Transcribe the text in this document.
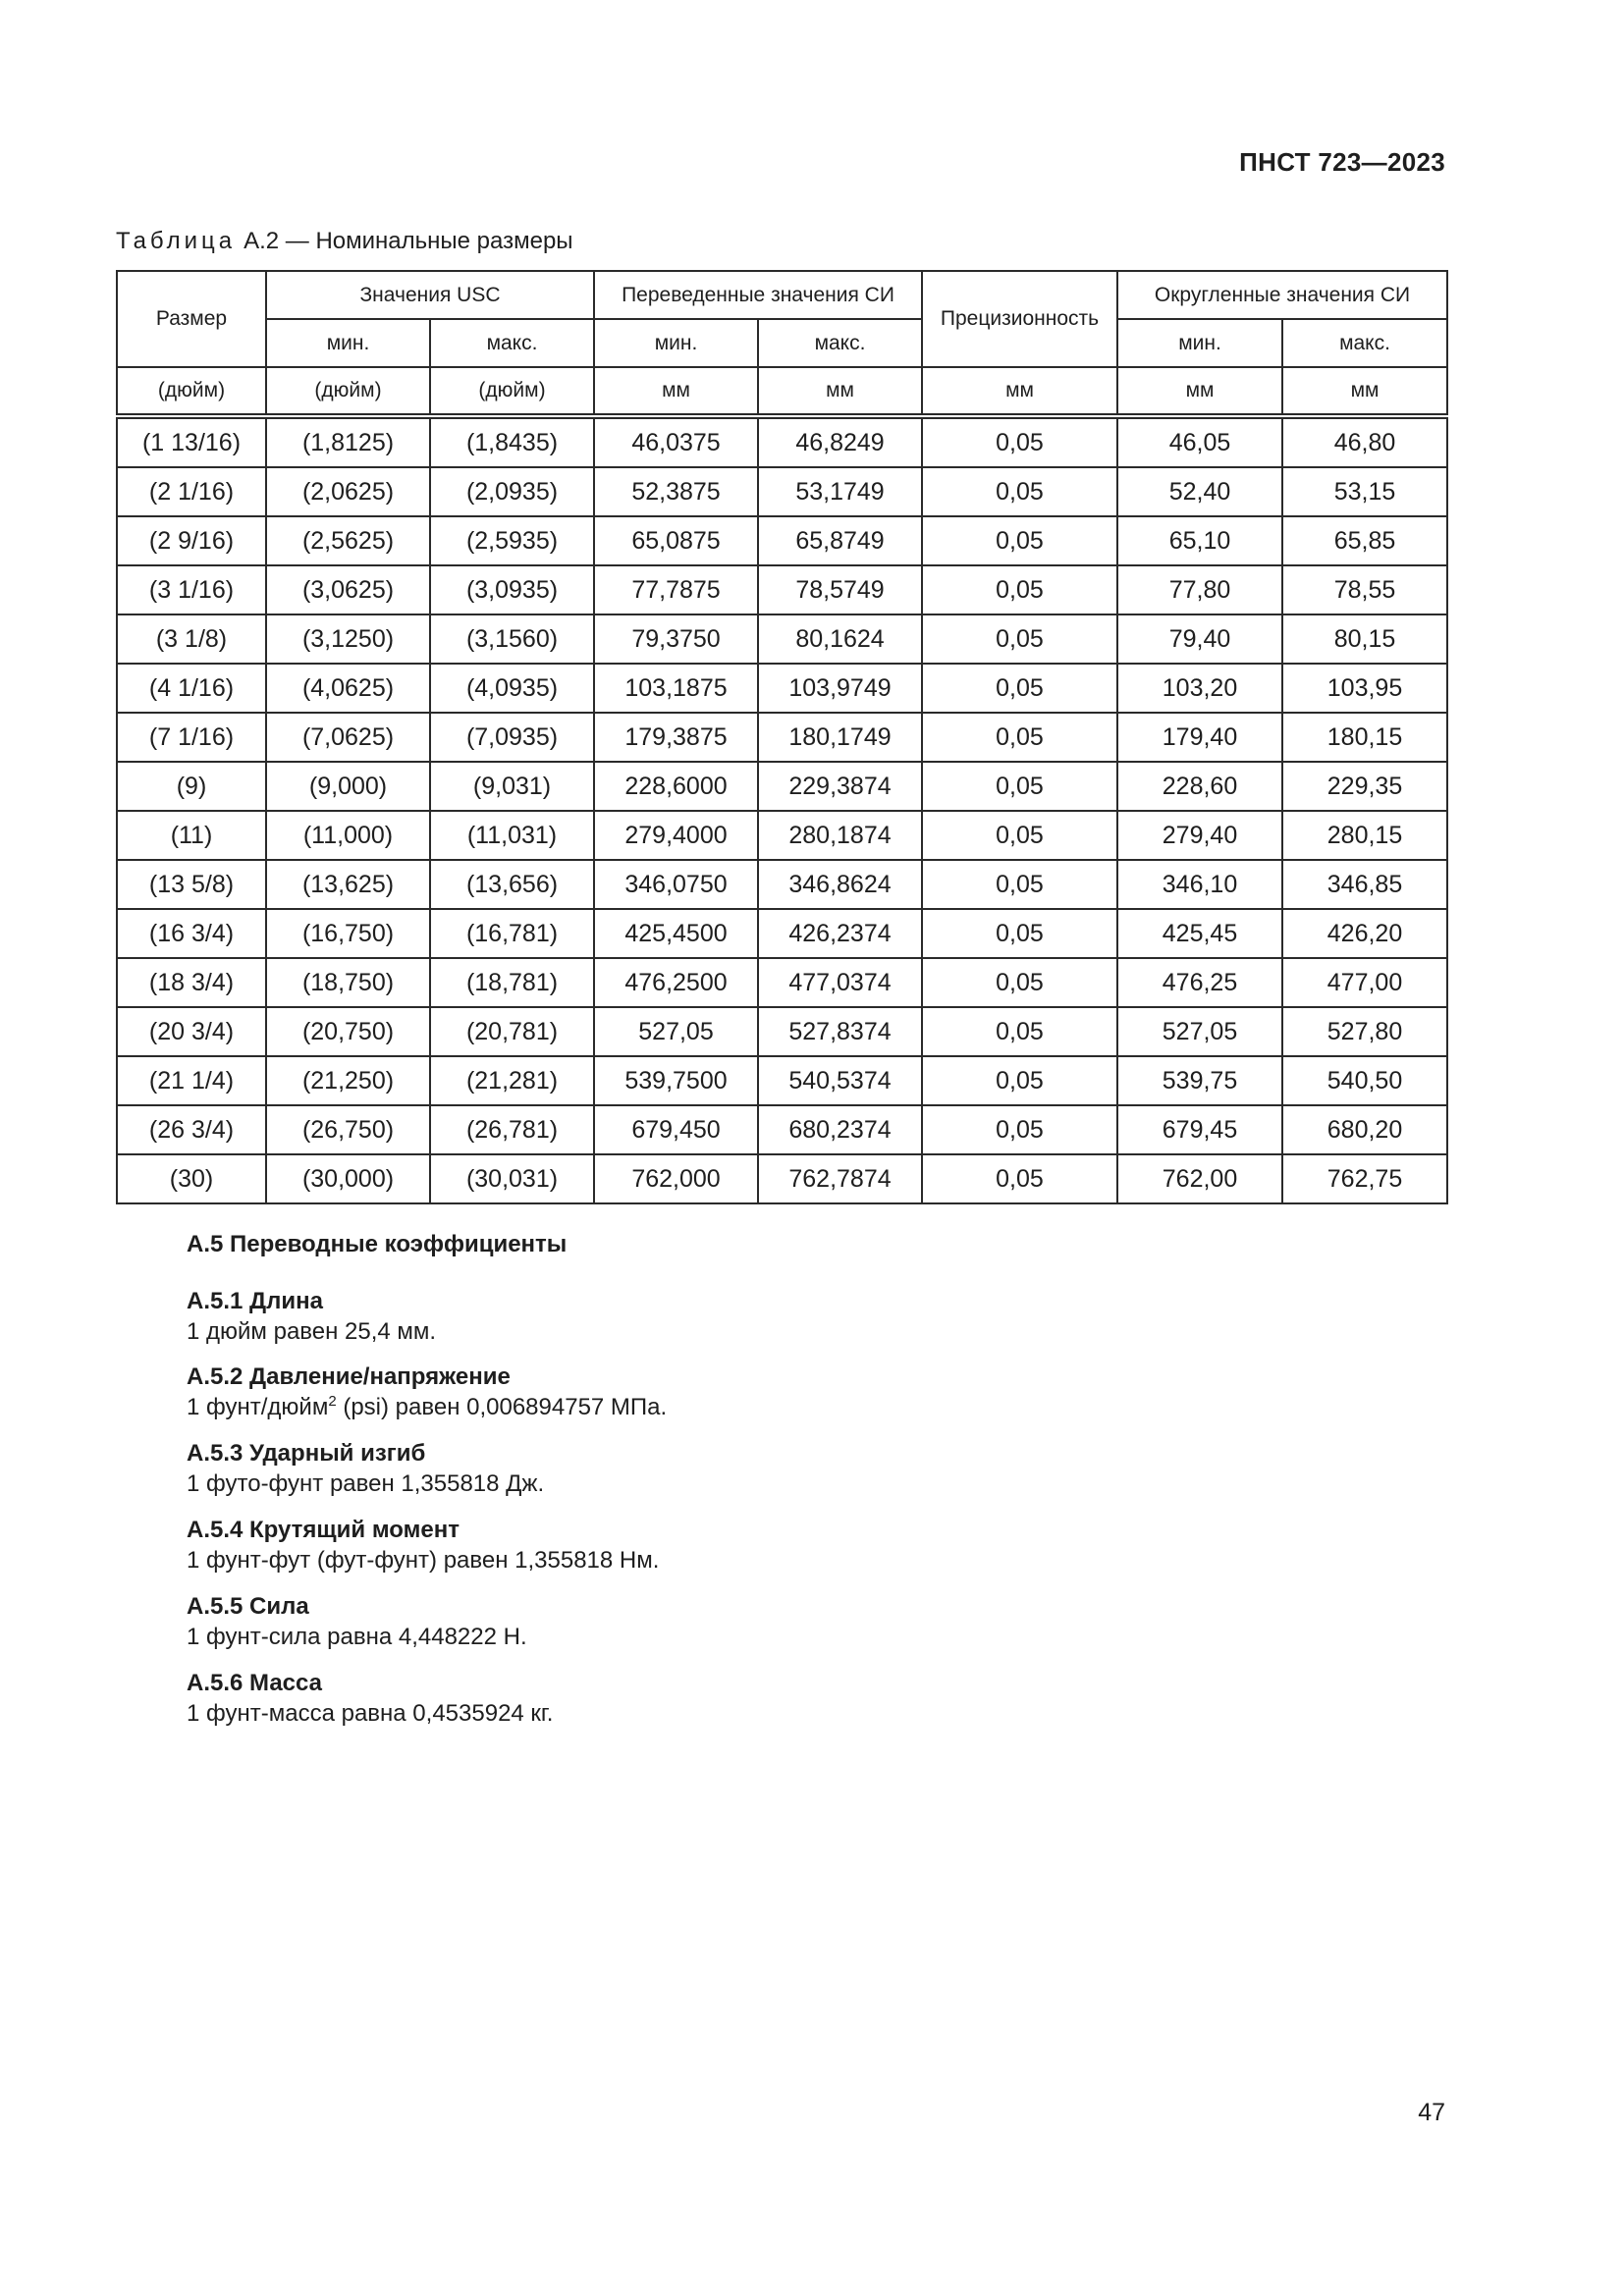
ПНСТ 723—2023
Таблица А.2 — Номинальные размеры
Размер	Значения USC		Переведенные значения СИ		Прецизионность	Округленные значения СИ	
	мин.	макс.	мин.	макс.		мин.	макс.
(дюйм)	(дюйм)	(дюйм)	мм	мм	мм	мм	мм
(1 13/16)	(1,8125)	(1,8435)	46,0375	46,8249	0,05	46,05	46,80
(2 1/16)	(2,0625)	(2,0935)	52,3875	53,1749	0,05	52,40	53,15
(2 9/16)	(2,5625)	(2,5935)	65,0875	65,8749	0,05	65,10	65,85
(3 1/16)	(3,0625)	(3,0935)	77,7875	78,5749	0,05	77,80	78,55
(3 1/8)	(3,1250)	(3,1560)	79,3750	80,1624	0,05	79,40	80,15
(4 1/16)	(4,0625)	(4,0935)	103,1875	103,9749	0,05	103,20	103,95
(7 1/16)	(7,0625)	(7,0935)	179,3875	180,1749	0,05	179,40	180,15
(9)	(9,000)	(9,031)	228,6000	229,3874	0,05	228,60	229,35
(11)	(11,000)	(11,031)	279,4000	280,1874	0,05	279,40	280,15
(13 5/8)	(13,625)	(13,656)	346,0750	346,8624	0,05	346,10	346,85
(16 3/4)	(16,750)	(16,781)	425,4500	426,2374	0,05	425,45	426,20
(18 3/4)	(18,750)	(18,781)	476,2500	477,0374	0,05	476,25	477,00
(20 3/4)	(20,750)	(20,781)	527,05	527,8374	0,05	527,05	527,80
(21 1/4)	(21,250)	(21,281)	539,7500	540,5374	0,05	539,75	540,50
(26 3/4)	(26,750)	(26,781)	679,450	680,2374	0,05	679,45	680,20
(30)	(30,000)	(30,031)	762,000	762,7874	0,05	762,00	762,75
А.5 Переводные коэффициенты
А.5.1 Длина
1 дюйм равен 25,4 мм.
А.5.2 Давление/напряжение
1 фунт/дюйм$^2$ (psi) равен 0,006894757 МПа.
А.5.3 Ударный изгиб
1 футо-фунт равен 1,355818 Дж.
А.5.4 Крутящий момент
1 фунт-фут (фут-фунт) равен 1,355818 Нм.
А.5.5 Сила
1 фунт-сила равна 4,448222 Н.
А.5.6 Масса
1 фунт-масса равна 0,4535924 кг.
47
